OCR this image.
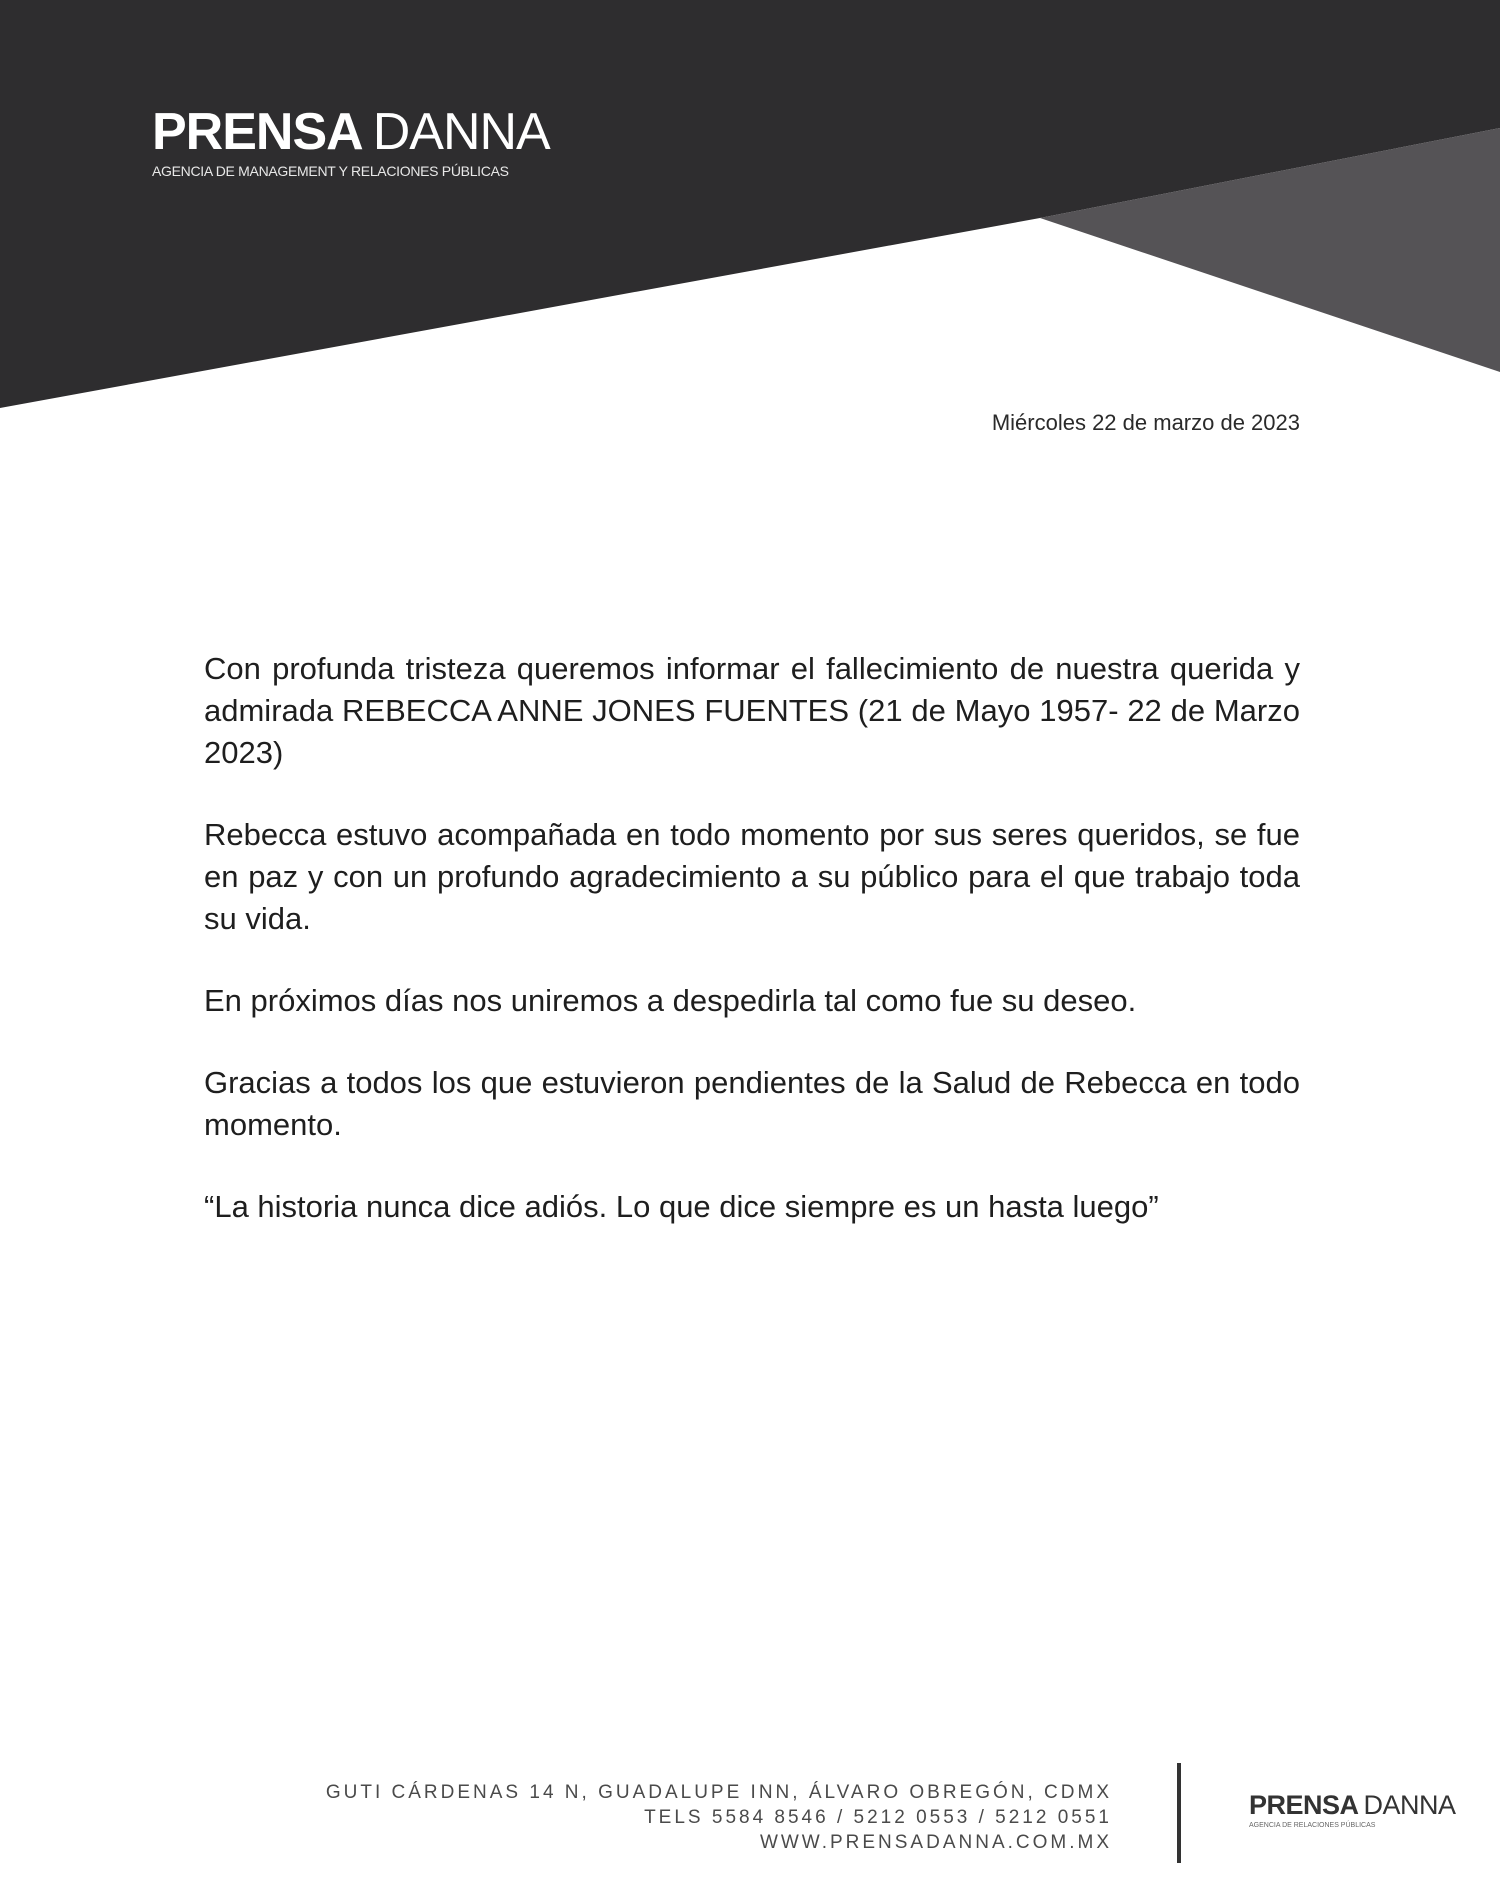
PRENSA DANNA
AGENCIA DE MANAGEMENT Y RELACIONES PÚBLICAS
Miércoles 22 de marzo de 2023

Con profunda tristeza queremos informar el fallecimiento de nuestra querida y admirada REBECCA ANNE JONES FUENTES (21 de Mayo 1957- 22 de Marzo 2023)

Rebecca estuvo acompañada en todo momento por sus seres queridos, se fue en paz y con un profundo agradecimiento a su público para el que trabajo toda su vida.

En próximos días nos uniremos a despedirla tal como fue su deseo.

Gracias a todos los que estuvieron pendientes de la Salud de Rebecca en todo momento.

“La historia nunca dice adiós. Lo que dice siempre es un hasta luego”

GUTI CÁRDENAS 14 N, GUADALUPE INN, ÁLVARO OBREGÓN, CDMX
TELS 5584 8546 / 5212 0553 / 5212 0551
WWW.PRENSADANNA.COM.MX
PRENSA DANNA
AGENCIA DE RELACIONES PÚBLICAS
